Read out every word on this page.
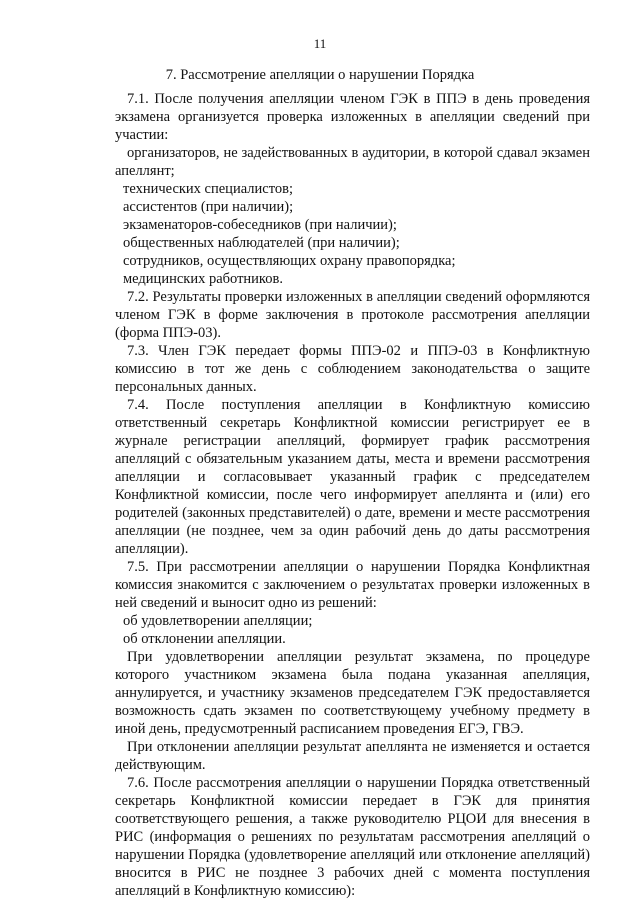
11
7. Рассмотрение апелляции о нарушении Порядка

7.1. После получения апелляции членом ГЭК в ППЭ в день проведения экзамена организуется проверка изложенных в апелляции сведений при участии:

организаторов, не задействованных в аудитории, в которой сдавал экзамен апеллянт;

технических специалистов;

ассистентов (при наличии);

экзаменаторов-собеседников (при наличии);

общественных наблюдателей (при наличии);

сотрудников, осуществляющих охрану правопорядка;

медицинских работников.

7.2. Результаты проверки изложенных в апелляции сведений оформляются членом ГЭК в форме заключения в протоколе рассмотрения апелляции (форма ППЭ-03).

7.3. Член ГЭК передает формы ППЭ-02 и ППЭ-03 в Конфликтную комиссию в тот же день с соблюдением законодательства о защите персональных данных.

7.4. После поступления апелляции в Конфликтную комиссию ответственный секретарь Конфликтной комиссии регистрирует ее в журнале регистрации апелляций, формирует график рассмотрения апелляций с обязательным указанием даты, места и времени рассмотрения апелляции и согласовывает указанный график с председателем Конфликтной комиссии, после чего информирует апеллянта и (или) его родителей (законных представителей) о дате, времени и месте рассмотрения апелляции (не позднее, чем за один рабочий день до даты рассмотрения апелляции).

7.5. При рассмотрении апелляции о нарушении Порядка Конфликтная комиссия знакомится с заключением о результатах проверки изложенных в ней сведений и выносит одно из решений:

об удовлетворении апелляции;

об отклонении апелляции.

При удовлетворении апелляции результат экзамена, по процедуре которого участником экзамена была подана указанная апелляция, аннулируется, и участнику экзаменов председателем ГЭК предоставляется возможность сдать экзамен по соответствующему учебному предмету в иной день, предусмотренный расписанием проведения ЕГЭ, ГВЭ.

При отклонении апелляции результат апеллянта не изменяется и остается действующим.

7.6. После рассмотрения апелляции о нарушении Порядка ответственный секретарь Конфликтной комиссии передает в ГЭК для принятия соответствующего решения, а также руководителю РЦОИ для внесения в РИС (информация о решениях по результатам рассмотрения апелляций о нарушении Порядка (удовлетворение апелляций или отклонение апелляций) вносится в РИС не позднее 3 рабочих дней с момента поступления апелляций в Конфликтную комиссию):
